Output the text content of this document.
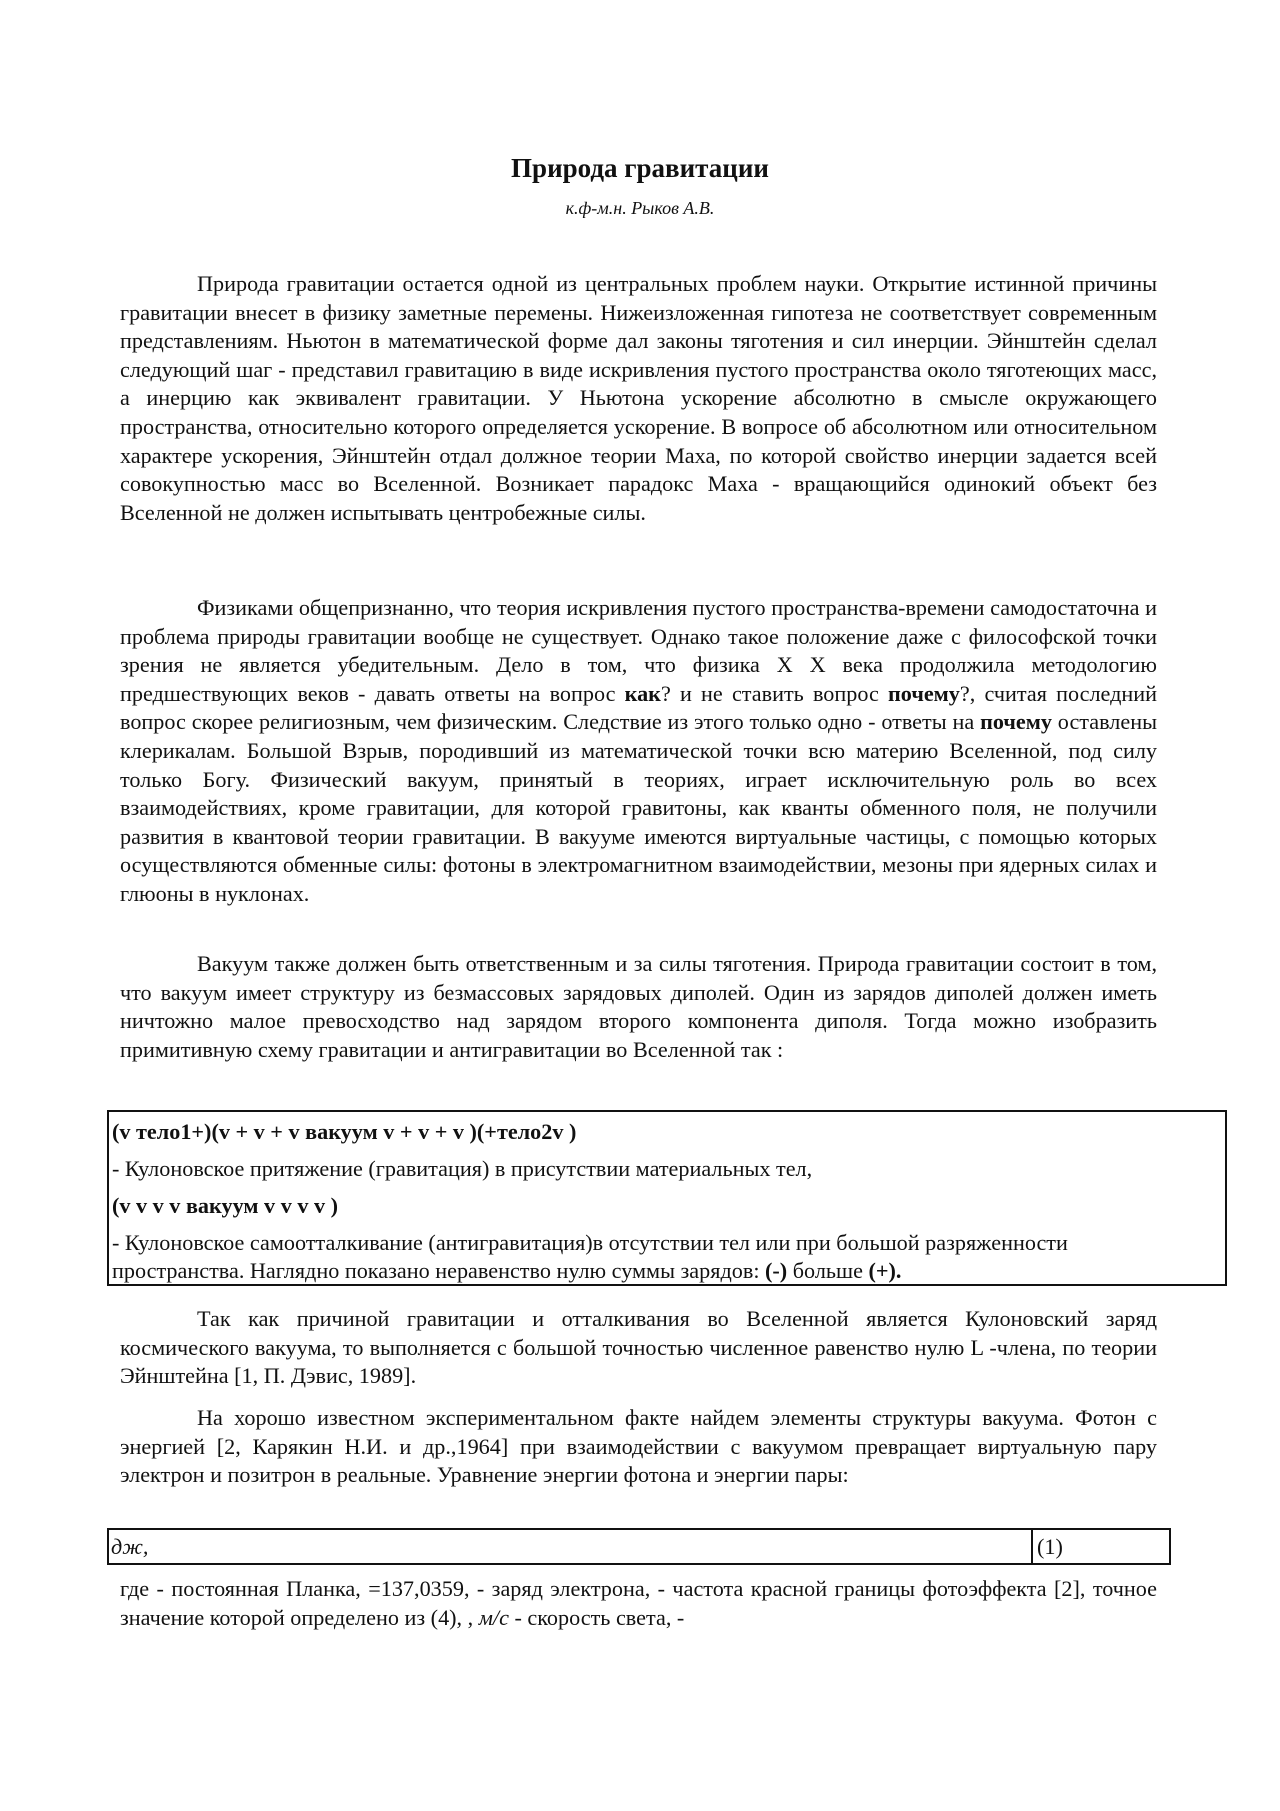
Природа гравитации
к.ф-м.н. Рыков А.В.

Природа гравитации остается одной из центральных проблем науки. Открытие истинной причины гравитации внесет в физику заметные перемены. Нижеизложенная гипотеза не соответствует современным представлениям. Ньютон в математической форме дал законы тяготения и сил инерции. Эйнштейн сделал следующий шаг - представил гравитацию в виде искривления пустого пространства около тяготеющих масс, а инерцию как эквивалент гравитации. У Ньютона ускорение абсолютно в смысле окружающего пространства, относительно которого определяется ускорение. В вопросе об абсолютном или относительном характере ускорения, Эйнштейн отдал должное теории Маха, по которой свойство инерции задается всей совокупностью масс во Вселенной. Возникает парадокс Маха - вращающийся одинокий объект без Вселенной не должен испытывать центробежные силы.

Физиками общепризнанно, что теория искривления пустого пространства-времени самодостаточна и проблема природы гравитации вообще не существует. Однако такое положение даже с философской точки зрения не является убедительным. Дело в том, что физика Х Х века продолжила методологию предшествующих веков - давать ответы на вопрос как? и не ставить вопрос почему?, считая последний вопрос скорее религиозным, чем физическим. Следствие из этого только одно - ответы на почему оставлены клерикалам. Большой Взрыв, породивший из математической точки всю материю Вселенной, под силу только Богу. Физический вакуум, принятый в теориях, играет исключительную роль во всех взаимодействиях, кроме гравитации, для которой гравитоны, как кванты обменного поля, не получили развития в квантовой теории гравитации. В вакууме имеются виртуальные частицы, с помощью которых осуществляются обменные силы: фотоны в электромагнитном взаимодействии, мезоны при ядерных силах и глюоны в нуклонах.

Вакуум также должен быть ответственным и за силы тяготения. Природа гравитации состоит в том, что вакуум имеет структуру из безмассовых зарядовых диполей. Один из зарядов диполей должен иметь ничтожно малое превосходство над зарядом второго компонента диполя. Тогда можно изобразить примитивную схему гравитации и антигравитации во Вселенной так :

(v тело1+)(v + v + v вакуум v + v + v )(+тело2v )
- Кулоновское притяжение (гравитация) в присутствии материальных тел,
(v v v v вакуум v v v v )
- Кулоновское самоотталкивание (антигравитация)в отсутствии тел или при большой разряженности
пространства. Наглядно показано неравенство нулю суммы зарядов: (-) больше (+).

Так как причиной гравитации и отталкивания во Вселенной является Кулоновский заряд космического вакуума, то выполняется с большой точностью численное равенство нулю L -члена, по теории Эйнштейна [1, П. Дэвис, 1989].

На хорошо известном экспериментальном факте найдем элементы структуры вакуума. Фотон с энергией [2, Карякин Н.И. и др.,1964] при взаимодействии с вакуумом превращает виртуальную пару электрон и позитрон в реальные. Уравнение энергии фотона и энергии пары:

дж,	(1)

где - постоянная Планка, =137,0359, - заряд электрона, - частота красной границы фотоэффекта [2], точное значение которой определено из (4), , м/с - скорость света, -
